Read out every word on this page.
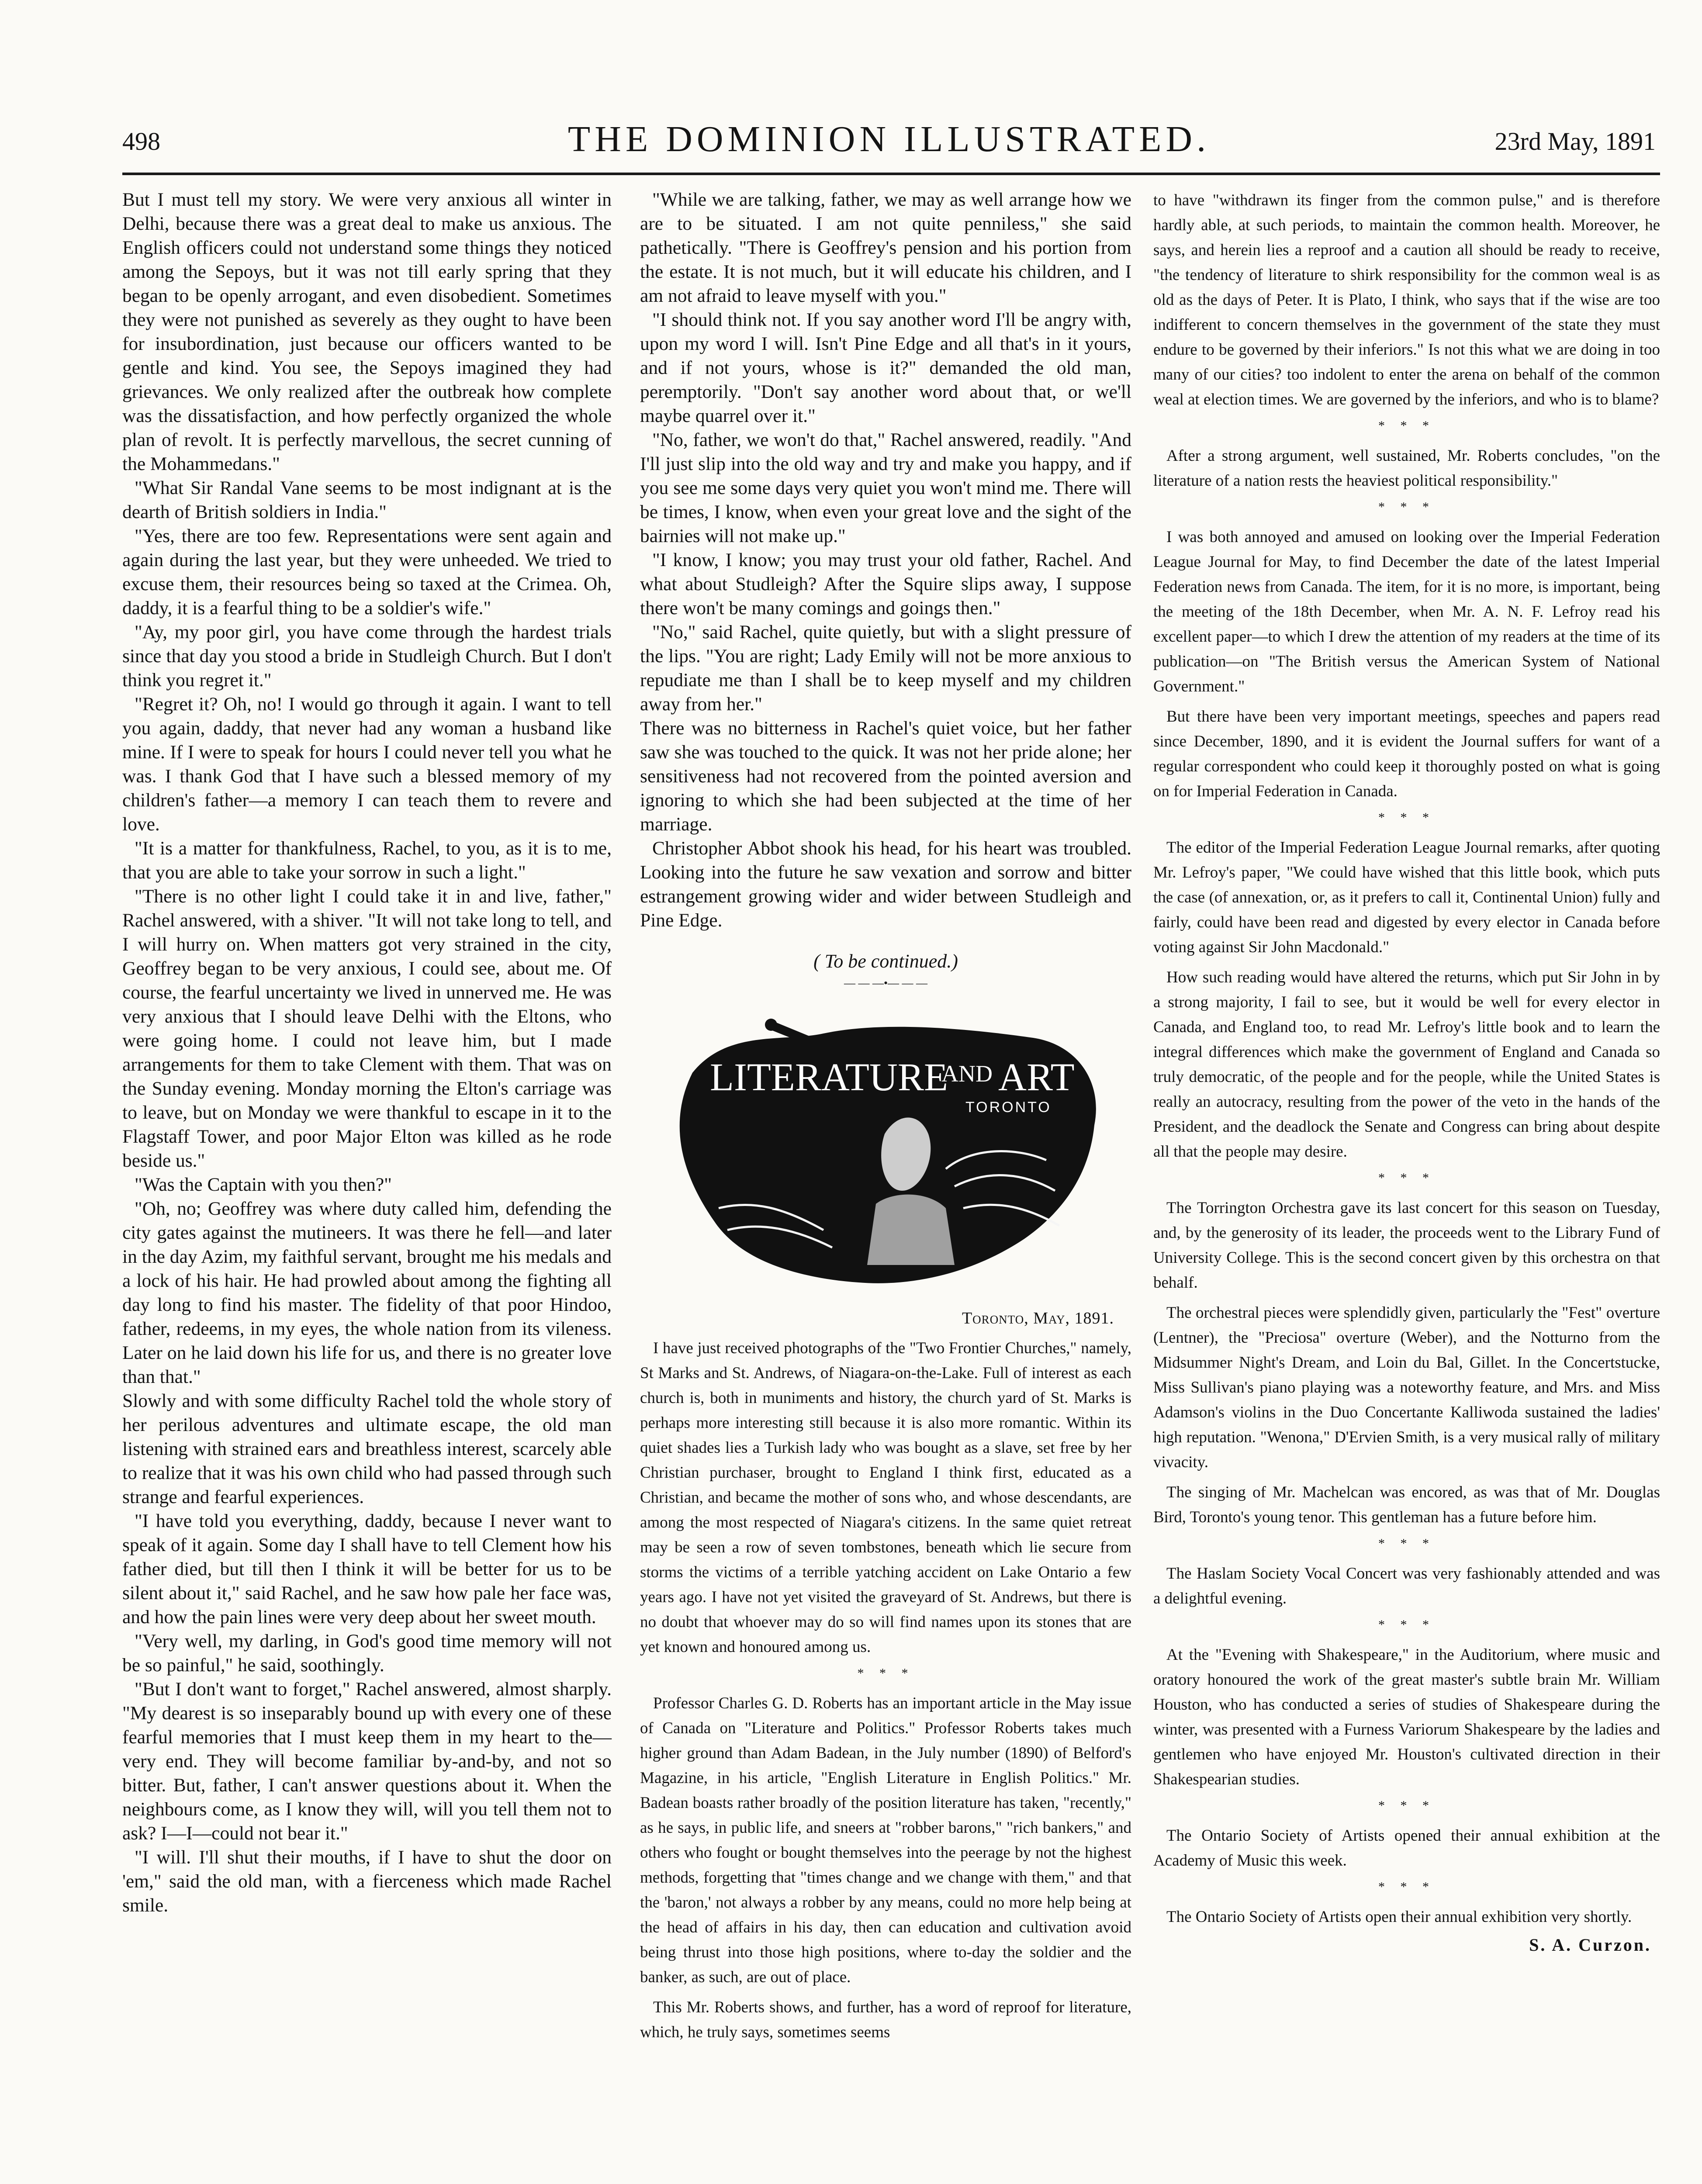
498	THE DOMINION ILLUSTRATED.	23rd May, 1891

But I must tell my story. We were very anxious all winter in Delhi, because there was a great deal to make us anxious. The English officers could not understand some things they noticed among the Sepoys, but it was not till early spring that they began to be openly arrogant, and even disobedient. Sometimes they were not punished as severely as they ought to have been for insubordination, just because our officers wanted to be gentle and kind. You see, the Sepoys imagined they had grievances. We only realized after the outbreak how complete was the dissatisfaction, and how perfectly organized the whole plan of revolt. It is perfectly marvellous, the secret cunning of the Mohammedans."

"What Sir Randal Vane seems to be most indignant at is the dearth of British soldiers in India."

"Yes, there are too few. Representations were sent again and again during the last year, but they were unheeded. We tried to excuse them, their resources being so taxed at the Crimea. Oh, daddy, it is a fearful thing to be a soldier's wife."

"Ay, my poor girl, you have come through the hardest trials since that day you stood a bride in Studleigh Church. But I don't think you regret it."

"Regret it? Oh, no! I would go through it again. I want to tell you again, daddy, that never had any woman a husband like mine. If I were to speak for hours I could never tell you what he was. I thank God that I have such a blessed memory of my children's father—a memory I can teach them to revere and love.

"It is a matter for thankfulness, Rachel, to you, as it is to me, that you are able to take your sorrow in such a light."

"There is no other light I could take it in and live, father," Rachel answered, with a shiver. "It will not take long to tell, and I will hurry on. When matters got very strained in the city, Geoffrey began to be very anxious, I could see, about me. Of course, the fearful uncertainty we lived in unnerved me. He was very anxious that I should leave Delhi with the Eltons, who were going home. I could not leave him, but I made arrangements for them to take Clement with them. That was on the Sunday evening. Monday morning the Elton's carriage was to leave, but on Monday we were thankful to escape in it to the Flagstaff Tower, and poor Major Elton was killed as he rode beside us."

"Was the Captain with you then?"

"Oh, no; Geoffrey was where duty called him, defending the city gates against the mutineers. It was there he fell—and later in the day Azim, my faithful servant, brought me his medals and a lock of his hair. He had prowled about among the fighting all day long to find his master. The fidelity of that poor Hindoo, father, redeems, in my eyes, the whole nation from its vileness. Later on he laid down his life for us, and there is no greater love than that."

Slowly and with some difficulty Rachel told the whole story of her perilous adventures and ultimate escape, the old man listening with strained ears and breathless interest, scarcely able to realize that it was his own child who had passed through such strange and fearful experiences.

"I have told you everything, daddy, because I never want to speak of it again. Some day I shall have to tell Clement how his father died, but till then I think it will be better for us to be silent about it," said Rachel, and he saw how pale her face was, and how the pain lines were very deep about her sweet mouth.

"Very well, my darling, in God's good time memory will not be so painful," he said, soothingly.

"But I don't want to forget," Rachel answered, almost sharply. "My dearest is so inseparably bound up with every one of these fearful memories that I must keep them in my heart to the—very end. They will become familiar by-and-by, and not so bitter. But, father, I can't answer questions about it. When the neighbours come, as I know they will, will you tell them not to ask? I—I—could not bear it."

"I will. I'll shut their mouths, if I have to shut the door on 'em," said the old man, with a fierceness which made Rachel smile.

"While we are talking, father, we may as well arrange how we are to be situated. I am not quite penniless," she said pathetically. "There is Geoffrey's pension and his portion from the estate. It is not much, but it will educate his children, and I am not afraid to leave myself with you."

"I should think not. If you say another word I'll be angry with, upon my word I will. Isn't Pine Edge and all that's in it yours, and if not yours, whose is it?" demanded the old man, peremptorily. "Don't say another word about that, or we'll maybe quarrel over it."

"No, father, we won't do that," Rachel answered, readily. "And I'll just slip into the old way and try and make you happy, and if you see me some days very quiet you won't mind me. There will be times, I know, when even your great love and the sight of the bairnies will not make up."

"I know, I know; you may trust your old father, Rachel. And what about Studleigh? After the Squire slips away, I suppose there won't be many comings and goings then."

"No," said Rachel, quite quietly, but with a slight pressure of the lips. "You are right; Lady Emily will not be more anxious to repudiate me than I shall be to keep myself and my children away from her."

There was no bitterness in Rachel's quiet voice, but her father saw she was touched to the quick. It was not her pride alone; her sensitiveness had not recovered from the pointed aversion and ignoring to which she had been subjected at the time of her marriage.

Christopher Abbot shook his head, for his heart was troubled. Looking into the future he saw vexation and sorrow and bitter estrangement growing wider and wider between Studleigh and Pine Edge.

( To be continued.)
— — —•— — —
LITERATURE
AND ART
TORONTO
Toronto, May, 1891.

I have just received photographs of the "Two Frontier Churches," namely, St Marks and St. Andrews, of Niagara-on-the-Lake. Full of interest as each church is, both in muniments and history, the church yard of St. Marks is perhaps more interesting still because it is also more romantic. Within its quiet shades lies a Turkish lady who was bought as a slave, set free by her Christian purchaser, brought to England I think first, educated as a Christian, and became the mother of sons who, and whose descendants, are among the most respected of Niagara's citizens. In the same quiet retreat may be seen a row of seven tombstones, beneath which lie secure from storms the victims of a terrible yatching accident on Lake Ontario a few years ago. I have not yet visited the graveyard of St. Andrews, but there is no doubt that whoever may do so will find names upon its stones that are yet known and honoured among us.

* * *

Professor Charles G. D. Roberts has an important article in the May issue of Canada on "Literature and Politics." Professor Roberts takes much higher ground than Adam Badean, in the July number (1890) of Belford's Magazine, in his article, "English Literature in English Politics." Mr. Badean boasts rather broadly of the position literature has taken, "recently," as he says, in public life, and sneers at "robber barons," "rich bankers," and others who fought or bought themselves into the peerage by not the highest methods, forgetting that "times change and we change with them," and that the 'baron,' not always a robber by any means, could no more help being at the head of affairs in his day, then can education and cultivation avoid being thrust into those high positions, where to-day the soldier and the banker, as such, are out of place.

This Mr. Roberts shows, and further, has a word of reproof for literature, which, he truly says, sometimes seems

to have "withdrawn its finger from the common pulse," and is therefore hardly able, at such periods, to maintain the common health. Moreover, he says, and herein lies a reproof and a caution all should be ready to receive, "the tendency of literature to shirk responsibility for the common weal is as old as the days of Peter. It is Plato, I think, who says that if the wise are too indifferent to concern themselves in the government of the state they must endure to be governed by their inferiors." Is not this what we are doing in too many of our cities? too indolent to enter the arena on behalf of the common weal at election times. We are governed by the inferiors, and who is to blame?

* * *

After a strong argument, well sustained, Mr. Roberts concludes, "on the literature of a nation rests the heaviest political responsibility."

* * *

I was both annoyed and amused on looking over the Imperial Federation League Journal for May, to find December the date of the latest Imperial Federation news from Canada. The item, for it is no more, is important, being the meeting of the 18th December, when Mr. A. N. F. Lefroy read his excellent paper—to which I drew the attention of my readers at the time of its publication—on "The British versus the American System of National Government."

But there have been very important meetings, speeches and papers read since December, 1890, and it is evident the Journal suffers for want of a regular correspondent who could keep it thoroughly posted on what is going on for Imperial Federation in Canada.

* * *

The editor of the Imperial Federation League Journal remarks, after quoting Mr. Lefroy's paper, "We could have wished that this little book, which puts the case (of annexation, or, as it prefers to call it, Continental Union) fully and fairly, could have been read and digested by every elector in Canada before voting against Sir John Macdonald."

How such reading would have altered the returns, which put Sir John in by a strong majority, I fail to see, but it would be well for every elector in Canada, and England too, to read Mr. Lefroy's little book and to learn the integral differences which make the government of England and Canada so truly democratic, of the people and for the people, while the United States is really an autocracy, resulting from the power of the veto in the hands of the President, and the deadlock the Senate and Congress can bring about despite all that the people may desire.

* * *

The Torrington Orchestra gave its last concert for this season on Tuesday, and, by the generosity of its leader, the proceeds went to the Library Fund of University College. This is the second concert given by this orchestra on that behalf.

The orchestral pieces were splendidly given, particularly the "Fest" overture (Lentner), the "Preciosa" overture (Weber), and the Notturno from the Midsummer Night's Dream, and Loin du Bal, Gillet. In the Concertstucke, Miss Sullivan's piano playing was a noteworthy feature, and Mrs. and Miss Adamson's violins in the Duo Concertante Kalliwoda sustained the ladies' high reputation. "Wenona," D'Ervien Smith, is a very musical rally of military vivacity.

The singing of Mr. Machelcan was encored, as was that of Mr. Douglas Bird, Toronto's young tenor. This gentleman has a future before him.

* * *

The Haslam Society Vocal Concert was very fashionably attended and was a delightful evening.

* * *

At the "Evening with Shakespeare," in the Auditorium, where music and oratory honoured the work of the great master's subtle brain Mr. William Houston, who has conducted a series of studies of Shakespeare during the winter, was presented with a Furness Variorum Shakespeare by the ladies and gentlemen who have enjoyed Mr. Houston's cultivated direction in their Shakespearian studies.

* * *

The Ontario Society of Artists opened their annual exhibition at the Academy of Music this week.

* * *

The Ontario Society of Artists open their annual exhibition very shortly.

S. A. Curzon.
